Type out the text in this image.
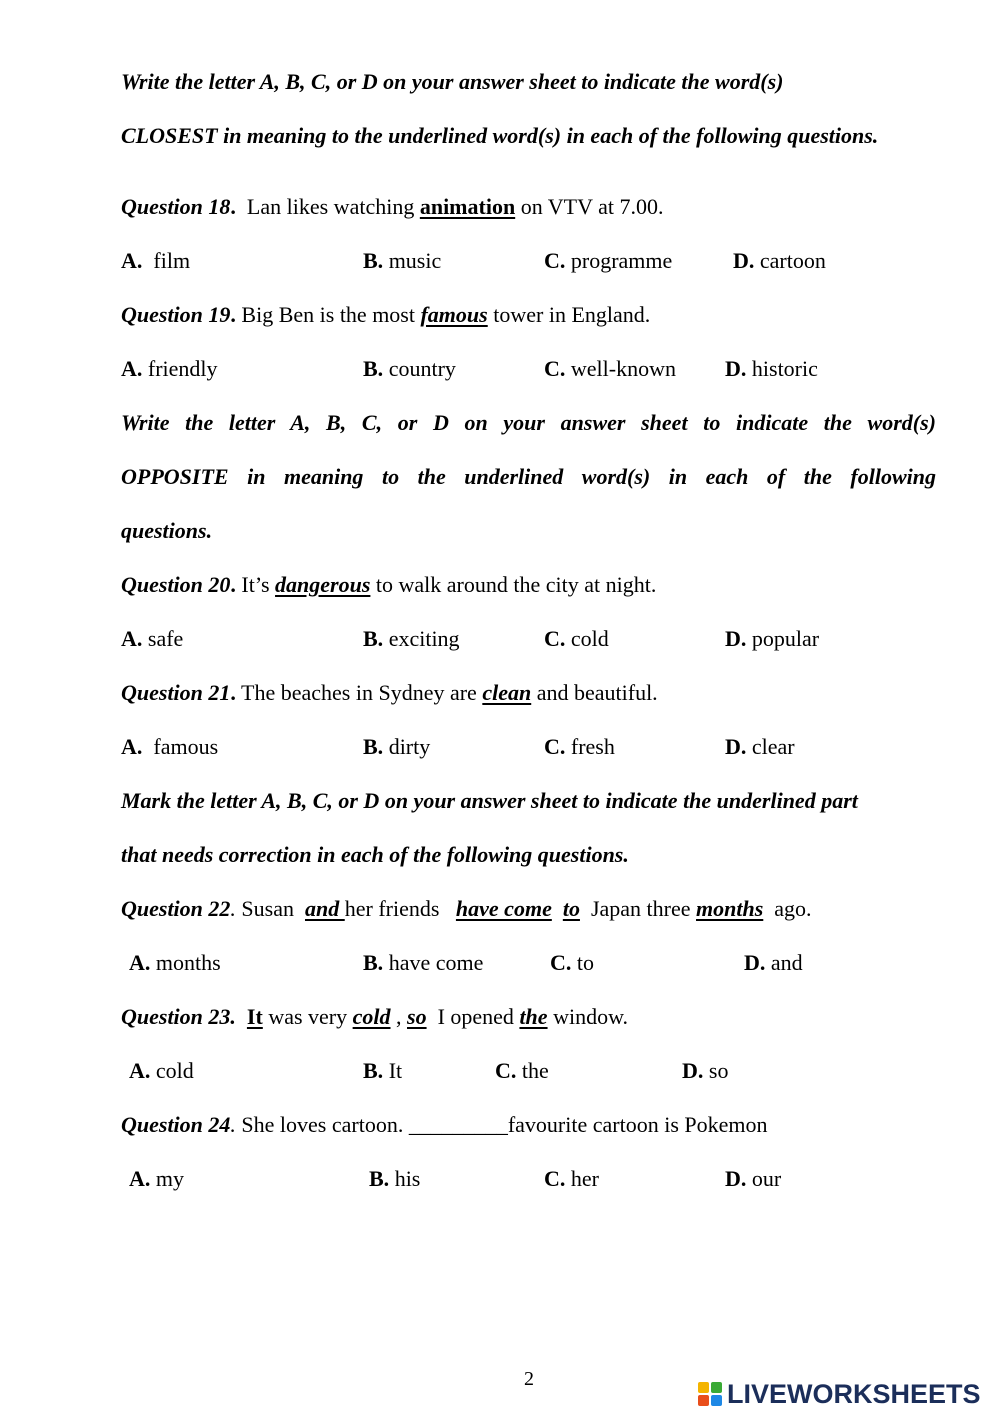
Write the letter A, B, C, or D on your answer sheet to indicate the word(s)
CLOSEST in meaning to the underlined word(s) in each of the following questions.
Question 18.  Lan likes watching animation on VTV at 7.00.
A. film	B. music	C. programme	D. cartoon
Question 19. Big Ben is the most famous tower in England.
A. friendly	B. country	C. well-known D. historic
Write the letter A, B, C, or D on your answer sheet to indicate the word(s)
OPPOSITE in meaning to the underlined word(s) in each of the following
questions.
Question 20. It’s dangerous to walk around the city at night.
A. safe	B. exciting	C. cold	D. popular
Question 21. The beaches in Sydney are clean and beautiful.
A. famous	B. dirty	C. fresh	D. clear
Mark the letter A, B, C, or D on your answer sheet to indicate the underlined part
that needs correction in each of the following questions.
Question 22. Susan  and her friends   have come to  Japan three months  ago.
A. months	B. have come	C. to	D. and
Question 23. It was very cold , so  I opened the window.
A. cold	B. It	C. the	D. so
Question 24. She loves cartoon. _________favourite cartoon is Pokemon
A. my	B. his	C. her	D. our
2	LIVEWORKSHEETS
